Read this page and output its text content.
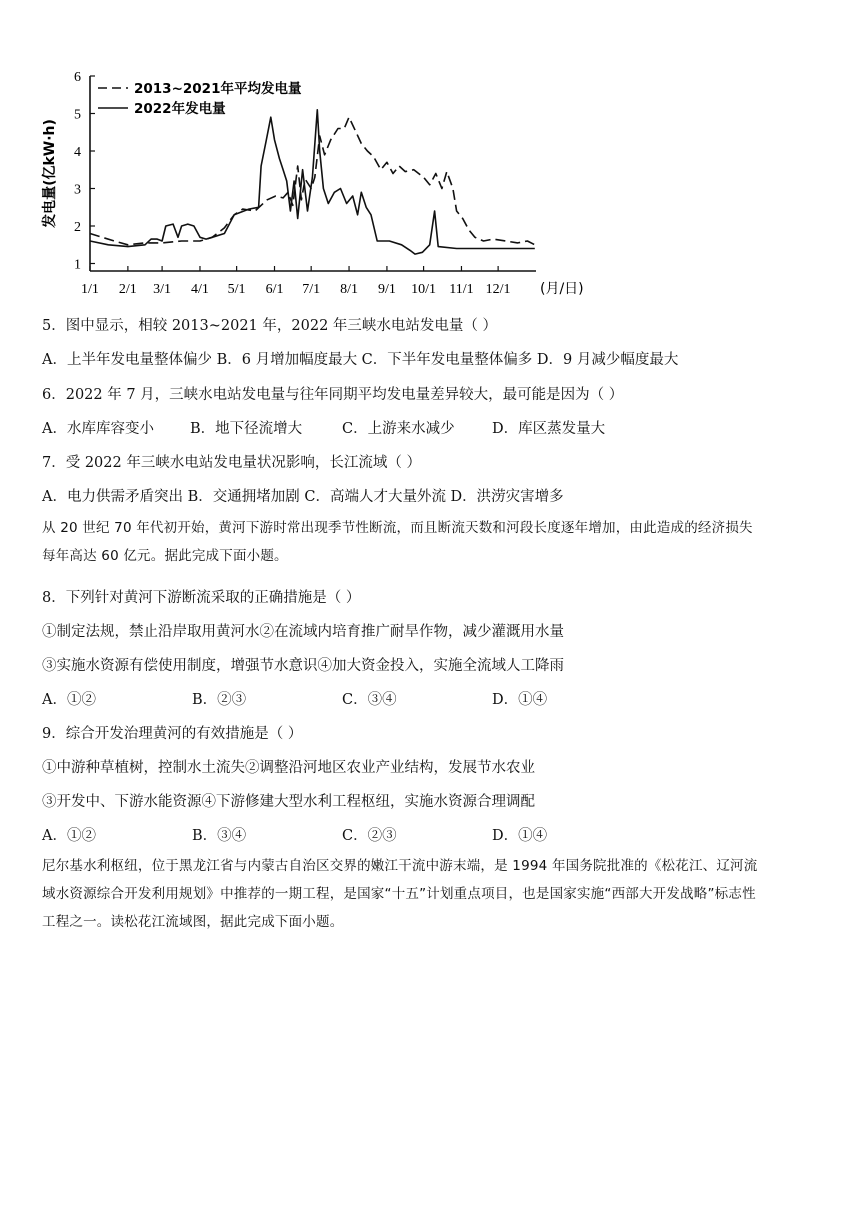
1
2
3
4
5
6
1/1 2/1 3/1 4/1 5/1 6/1 7/1 8/1 9/1 10/1 11/1 12/1
2013~2021年平均发电量
2022年发电量
发电量(亿kW·h)
(月/日)
5．图中显示，相较 2013~2021 年，2022 年三峡水电站发电量（ ）
A．上半年发电量整体偏少 B．6 月增加幅度最大 C．下半年发电量整体偏多 D．9 月减少幅度最大
6．2022 年 7 月，三峡水电站发电量与往年同期平均发电量差异较大，最可能是因为（ ）
A．水库库容变小 B．地下径流增大	C．上游来水减少	D．库区蒸发量大
7．受 2022 年三峡水电站发电量状况影响，长江流域（ ）
A．电力供需矛盾突出 B．交通拥堵加剧 C．高端人才大量外流 D．洪涝灾害增多
从 20 世纪 70 年代初开始，黄河下游时常出现季节性断流，而且断流天数和河段长度逐年增加，由此造成的经济损失
每年高达 60 亿元。据此完成下面小题。
8．下列针对黄河下游断流采取的正确措施是（ ）
①制定法规，禁止沿岸取用黄河水②在流域内培育推广耐旱作物，减少灌溉用水量
③实施水资源有偿使用制度，增强节水意识④加大资金投入，实施全流域人工降雨
A．①②	B．②③	C．③④	D．①④
9．综合开发治理黄河的有效措施是（ ）
①中游种草植树，控制水土流失②调整沿河地区农业产业结构，发展节水农业
③开发中、下游水能资源④下游修建大型水利工程枢纽，实施水资源合理调配
A．①②	B．③④	C．②③	D．①④
尼尔基水利枢纽，位于黑龙江省与内蒙古自治区交界的嫩江干流中游末端，是 1994 年国务院批准的《松花江、辽河流
域水资源综合开发利用规划》中推荐的一期工程，是国家“十五”计划重点项目，也是国家实施“西部大开发战略”标志性
工程之一。读松花江流域图，据此完成下面小题。
